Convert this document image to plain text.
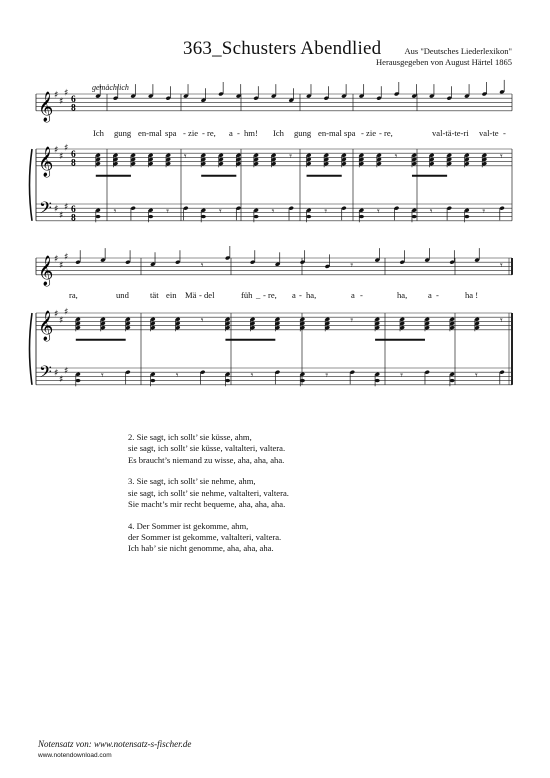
363_Schusters Abendlied	Aus "Deutsches Liederlexikon"
Herausgegeben von August Härtel 1865
gemächlich
𝄞
𝄞
𝄢
♯
♯
♯
♯
♯
♯
♯
♯
♯
6
8
6
8
6
8
𝄾	𝄾	𝄾	𝄾
𝄾	𝄾	𝄾	𝄾	𝄾	𝄾	𝄾	𝄾
𝄞
𝄞
𝄢
♯
♯
♯
♯
♯
♯
♯
♯
♯
𝄾	𝄾	𝄾
𝄾	𝄾	𝄾
𝄾	𝄾	𝄾	𝄾	𝄾	𝄾
Ich gung en-mal spa - zie - re, a - hm! Ich gung en-mal spa - zie - re,	val-tä-te-ri val-te -
ra,	und tät ein Mä - del	füh _ - re, a - ha,	a -	ha, a -	ha !
2. Sie sagt, ich sollt’ sie küsse, ahm,
sie sagt, ich sollt’ sie küsse, valtalteri, valtera.
Es braucht’s niemand zu wisse, aha, aha, aha.
3. Sie sagt, ich sollt’ sie nehme, ahm,
sie sagt, ich sollt’ sie nehme, valtalteri, valtera.
Sie macht’s mir recht bequeme, aha, aha, aha.
4. Der Sommer ist gekomme, ahm,
der Sommer ist gekomme, valtalteri, valtera.
Ich hab’ sie nicht genomme, aha, aha, aha.
Notensatz von: www.notensatz-s-fischer.de
www.notendownload.com
